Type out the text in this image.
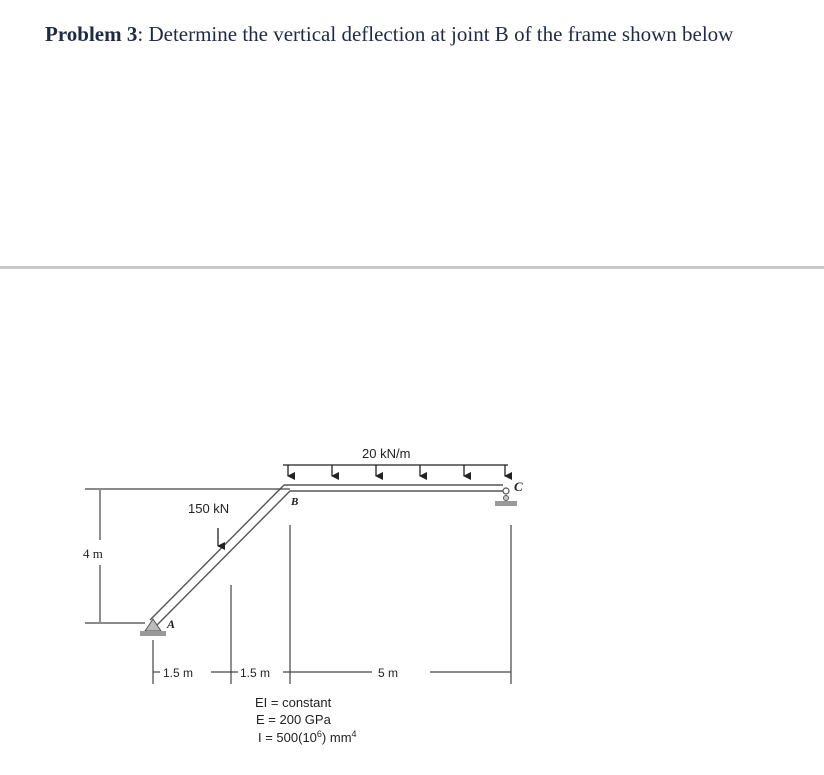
Problem 3: Determine the vertical deflection at joint B of the frame shown below
20 kN/m
150 kN
A
C
B
4 m
1.5 m	1.5 m	5 m
EI = constant
E = 200 GPa
$I = 500(10^6)$ $mm^4$
